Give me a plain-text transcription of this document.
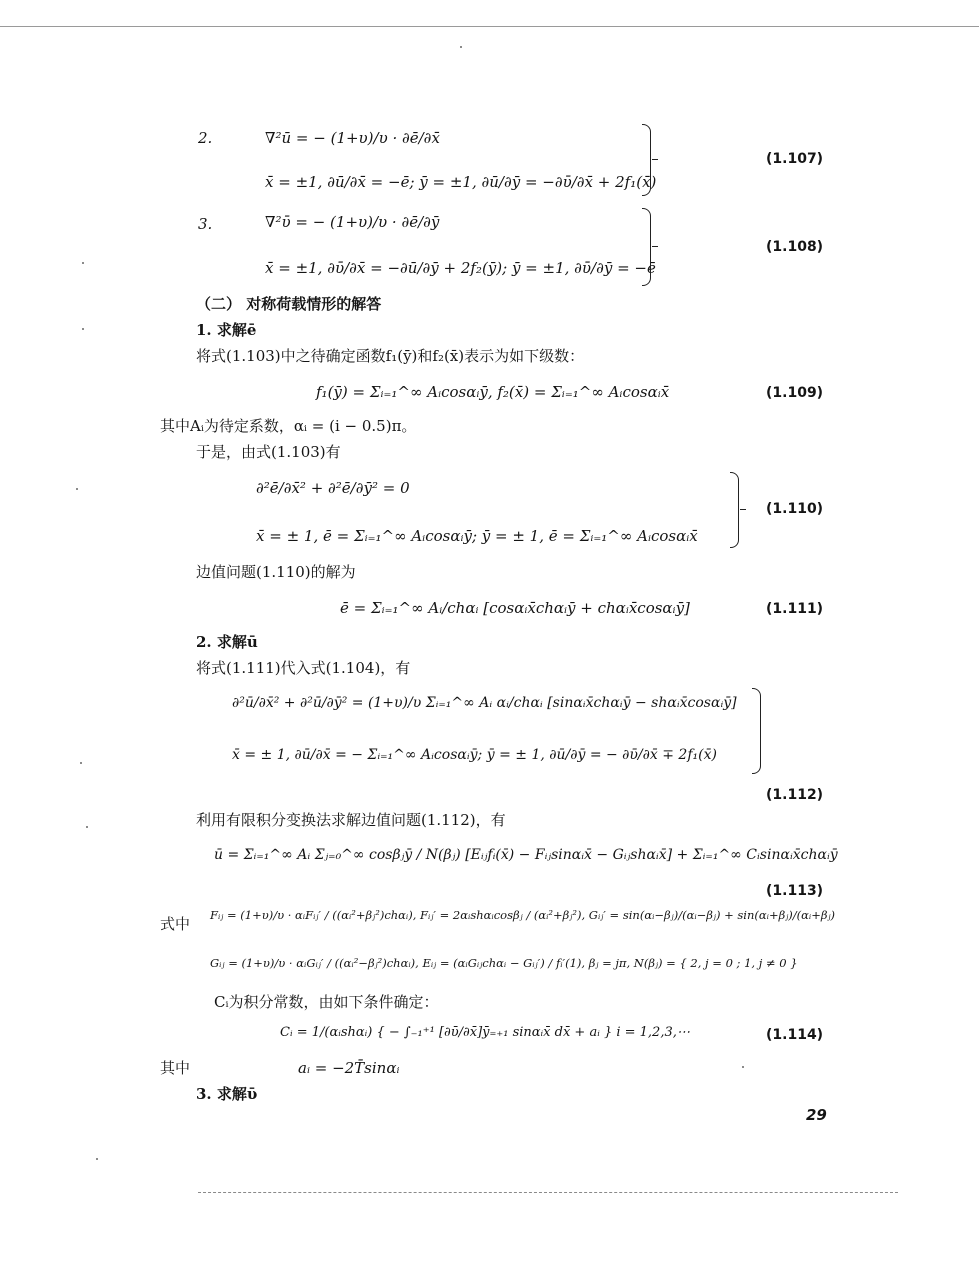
2.	∇²ū = − (1+υ)/υ · ∂ē/∂x̄
x̄ = ±1, ∂ū/∂x̄ = −ē; ȳ = ±1, ∂ū/∂ȳ = −∂ῡ/∂x̄ + 2f₁(x̄)
(1.107)
3.	∇²ῡ = − (1+υ)/υ · ∂ē/∂ȳ
x̄ = ±1, ∂ῡ/∂x̄ = −∂ū/∂ȳ + 2f₂(ȳ); ȳ = ±1, ∂ῡ/∂ȳ = −ē
(1.108)
（二） 对称荷载情形的解答
1. 求解ē
将式(1.103)中之待确定函数f₁(ȳ)和f₂(x̄)表示为如下级数：
f₁(ȳ) = Σᵢ₌₁^∞ Aᵢcosαᵢȳ, f₂(x̄) = Σᵢ₌₁^∞ Aᵢcosαᵢx̄	(1.109)
其中Aᵢ为待定系数，αᵢ = (i − 0.5)π。
于是，由式(1.103)有
∂²ē/∂x̄² + ∂²ē/∂ȳ² = 0
x̄ = ± 1, ē = Σᵢ₌₁^∞ Aᵢcosαᵢȳ; ȳ = ± 1, ē = Σᵢ₌₁^∞ Aᵢcosαᵢx̄
(1.110)
边值问题(1.110)的解为
ē = Σᵢ₌₁^∞ Aᵢ/chαᵢ [cosαᵢx̄chαᵢȳ + chαᵢx̄cosαᵢȳ]	(1.111)
2. 求解ū
将式(1.111)代入式(1.104)，有
∂²ū/∂x̄² + ∂²ū/∂ȳ² = (1+υ)/υ Σᵢ₌₁^∞ Aᵢ αᵢ/chαᵢ [sinαᵢx̄chαᵢȳ − shαᵢx̄cosαᵢȳ]
x̄ = ± 1, ∂ū/∂x̄ = − Σᵢ₌₁^∞ Aᵢcosαᵢȳ; ȳ = ± 1, ∂ū/∂ȳ = − ∂ῡ/∂x̄ ∓ 2f₁(x̄)
(1.112)
利用有限积分变换法求解边值问题(1.112)，有
ū = Σᵢ₌₁^∞ Aᵢ Σⱼ₌₀^∞ cosβⱼȳ / N(βⱼ) [Eᵢⱼfᵢ(x̄) − Fᵢⱼsinαᵢx̄ − Gᵢⱼshαᵢx̄] + Σᵢ₌₁^∞ Cᵢsinαᵢx̄chαᵢȳ
(1.113)
式中 Fᵢⱼ = (1+υ)/υ · αᵢFᵢⱼ′ / ((αᵢ²+βⱼ²)chαᵢ), Fᵢⱼ′ = 2αᵢshαᵢcosβⱼ / (αᵢ²+βⱼ²), Gᵢⱼ′ = sin(αᵢ−βⱼ)/(αᵢ−βⱼ) + sin(αᵢ+βⱼ)/(αᵢ+βⱼ)
Gᵢⱼ = (1+υ)/υ · αᵢGᵢⱼ′ / ((αᵢ²−βⱼ²)chαᵢ), Eᵢⱼ = (αᵢGᵢⱼchαᵢ − Gᵢⱼ′) / fᵢ′(1), βⱼ = jπ, N(βⱼ) = { 2, j = 0 ; 1, j ≠ 0 }
Cᵢ为积分常数，由如下条件确定：
Cᵢ = 1/(αᵢshαᵢ) { − ∫₋₁⁺¹ [∂ῡ/∂x̄]ȳ₌₊₁ sinαᵢx̄ dx̄ + aᵢ } i = 1,2,3,⋯	(1.114)
其中	aᵢ = −2T̄sinαᵢ
3. 求解ῡ
29
